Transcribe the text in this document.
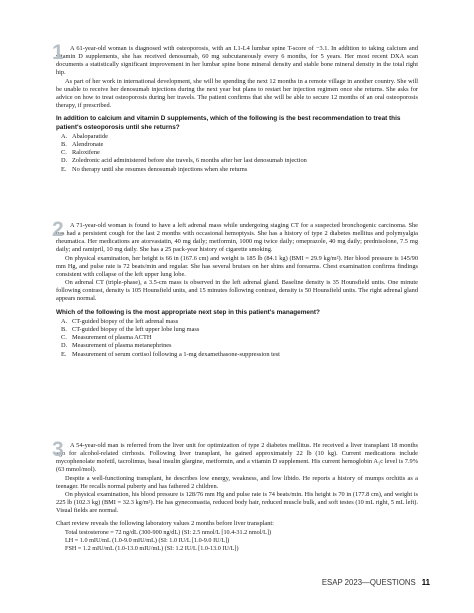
1 A 61-year-old woman is diagnosed with osteoporosis, with an L1-L4 lumbar spine T-score of −3.1. In addition to taking calcium and vitamin D supplements, she has received denosumab, 60 mg subcutaneously every 6 months, for 5 years. Her most recent DXA scan documents a statistically significant improvement in her lumbar spine bone mineral density and stable bone mineral density in the total right hip.

As part of her work in international development, she will be spending the next 12 months in a remote village in another country. She will be unable to receive her denosumab injections during the next year but plans to restart her injection regimen once she returns. She asks for advice on how to treat osteoporosis during her travels. The patient confirms that she will be able to secure 12 months of an oral osteoporosis therapy, if prescribed.

In addition to calcium and vitamin D supplements, which of the following is the best recommendation to treat this patient's osteoporosis until she returns?
A. Abaloparatide
B. Alendronate
C. Raloxifene
D. Zoledronic acid administered before she travels, 6 months after her last denosumab injection
E. No therapy until she resumes denosumab injections when she returns
2 A 71-year-old woman is found to have a left adrenal mass while undergoing staging CT for a suspected bronchogenic carcinoma. She has had a persistent cough for the last 2 months with occasional hemoptysis. She has a history of type 2 diabetes mellitus and polymyalgia rheumatica. Her medications are atorvastatin, 40 mg daily; metformin, 1000 mg twice daily; omeprazole, 40 mg daily; prednisolone, 7.5 mg daily; and ramipril, 10 mg daily. She has a 25 pack-year history of cigarette smoking.

On physical examination, her height is 66 in (167.6 cm) and weight is 185 lb (84.1 kg) (BMI = 29.9 kg/m²). Her blood pressure is 145/90 mm Hg, and pulse rate is 72 beats/min and regular. She has several bruises on her shins and forearms. Chest examination confirms findings consistent with collapse of the left upper lung lobe.

On adrenal CT (triple-phase), a 3.5-cm mass is observed in the left adrenal gland. Baseline density is 35 Hounsfield units. One minute following contrast, density is 105 Hounsfield units, and 15 minutes following contrast, density is 50 Hounsfield units. The right adrenal gland appears normal.

Which of the following is the most appropriate next step in this patient's management?
A. CT-guided biopsy of the left adrenal mass
B. CT-guided biopsy of the left upper lobe lung mass
C. Measurement of plasma ACTH
D. Measurement of plasma metanephrines
E. Measurement of serum cortisol following a 1-mg dexamethasone-suppression test
3 A 54-year-old man is referred from the liver unit for optimization of type 2 diabetes mellitus. He received a liver transplant 18 months ago for alcohol-related cirrhosis. Following liver transplant, he gained approximately 22 lb (10 kg). Current medications include mycophenolate mofetil, tacrolimus, basal insulin glargine, metformin, and a vitamin D supplement. His current hemoglobin A₁c level is 7.9% (63 mmol/mol).

Despite a well-functioning transplant, he describes low energy, weakness, and low libido. He reports a history of mumps orchitis as a teenager. He recalls normal puberty and has fathered 2 children.

On physical examination, his blood pressure is 128/76 mm Hg and pulse rate is 74 beats/min. His height is 70 in (177.8 cm), and weight is 225 lb (102.3 kg) (BMI = 32.3 kg/m²). He has gynecomastia, reduced body hair, reduced muscle bulk, and soft testes (10 mL right, 5 mL left). Visual fields are normal.

Chart review reveals the following laboratory values 2 months before liver transplant:

Total testosterone = 72 ng/dL (300-900 ng/dL) (SI: 2.5 nmol/L [10.4-31.2 nmol/L])
LH = 1.0 mIU/mL (1.0-9.0 mIU/mL) (SI: 1.0 IU/L [1.0-9.0 IU/L])
FSH = 1.2 mIU/mL (1.0-13.0 mIU/mL) (SI: 1.2 IU/L [1.0-13.0 IU/L])
ESAP 2023—QUESTIONS 11
